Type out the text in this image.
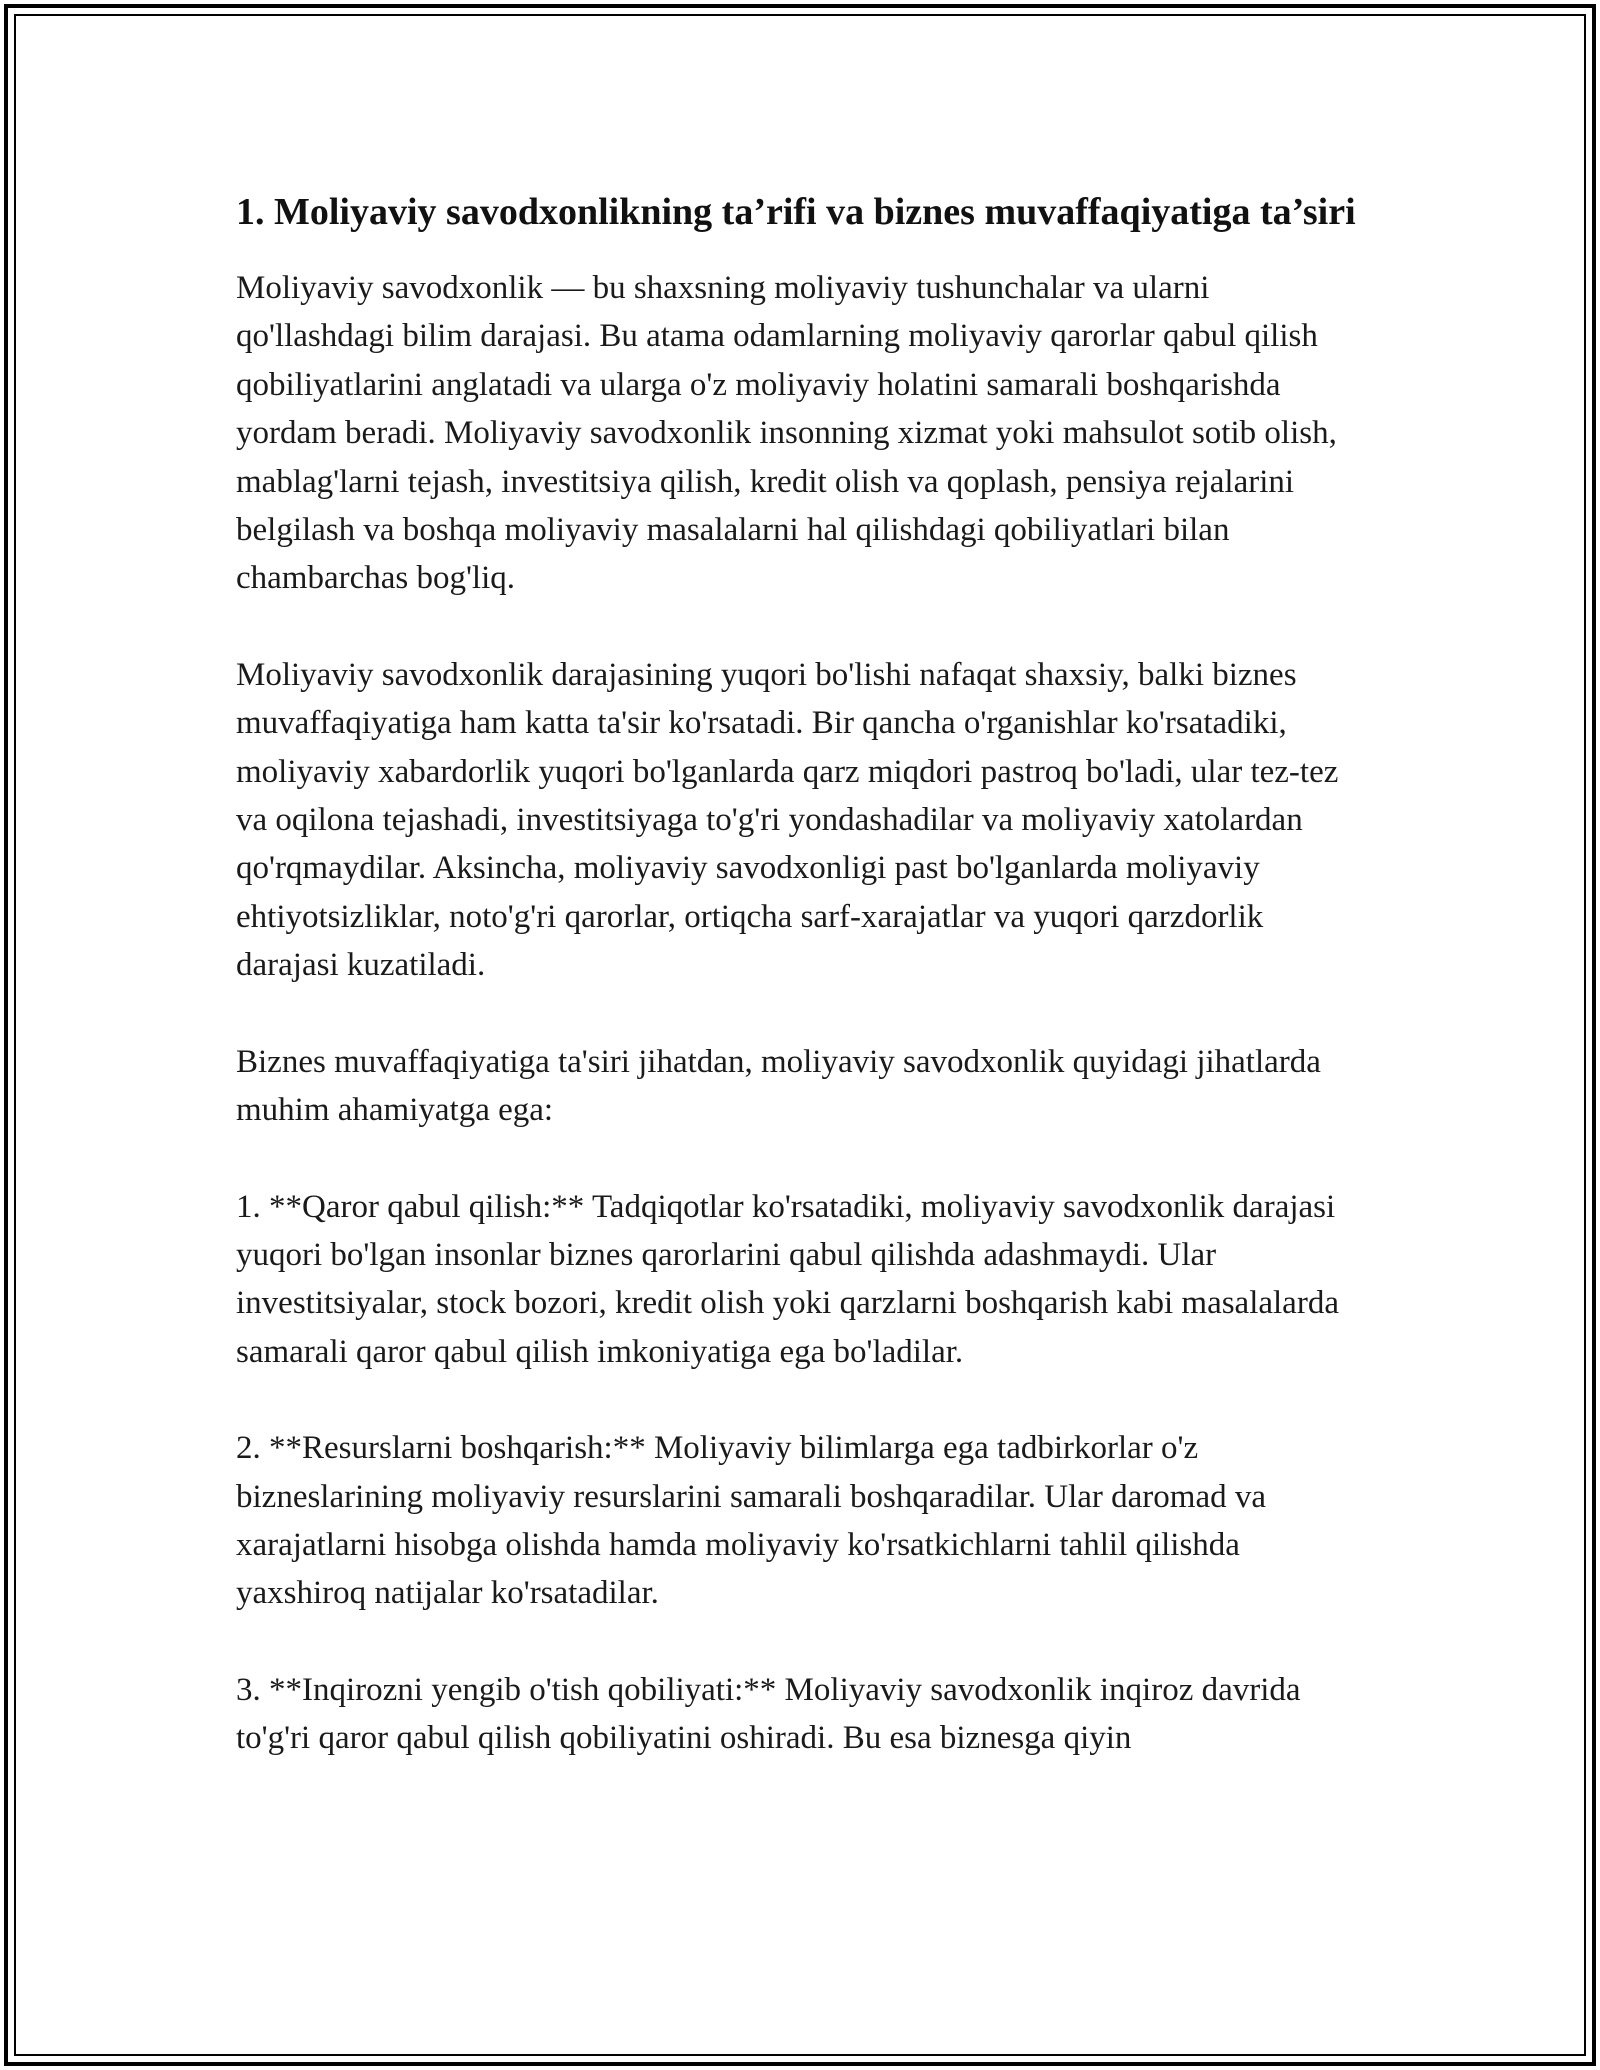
1. Moliyaviy savodxonlikning ta’rifi va biznes muvaffaqiyatiga ta’siri

Moliyaviy savodxonlik — bu shaxsning moliyaviy tushunchalar va ularni qo'llashdagi bilim darajasi. Bu atama odamlarning moliyaviy qarorlar qabul qilish qobiliyatlarini anglatadi va ularga o'z moliyaviy holatini samarali boshqarishda yordam beradi. Moliyaviy savodxonlik insonning xizmat yoki mahsulot sotib olish, mablag'larni tejash, investitsiya qilish, kredit olish va qoplash, pensiya rejalarini belgilash va boshqa moliyaviy masalalarni hal qilishdagi qobiliyatlari bilan chambarchas bog'liq.

Moliyaviy savodxonlik darajasining yuqori bo'lishi nafaqat shaxsiy, balki biznes muvaffaqiyatiga ham katta ta'sir ko'rsatadi. Bir qancha o'rganishlar ko'rsatadiki, moliyaviy xabardorlik yuqori bo'lganlarda qarz miqdori pastroq bo'ladi, ular tez-tez va oqilona tejashadi, investitsiyaga to'g'ri yondashadilar va moliyaviy xatolardan qo'rqmaydilar. Aksincha, moliyaviy savodxonligi past bo'lganlarda moliyaviy ehtiyotsizliklar, noto'g'ri qarorlar, ortiqcha sarf-xarajatlar va yuqori qarzdorlik darajasi kuzatiladi.

Biznes muvaffaqiyatiga ta'siri jihatdan, moliyaviy savodxonlik quyidagi jihatlarda muhim ahamiyatga ega:

1. **Qaror qabul qilish:** Tadqiqotlar ko'rsatadiki, moliyaviy savodxonlik darajasi yuqori bo'lgan insonlar biznes qarorlarini qabul qilishda adashmaydi. Ular investitsiyalar, stock bozori, kredit olish yoki qarzlarni boshqarish kabi masalalarda samarali qaror qabul qilish imkoniyatiga ega bo'ladilar.

2. **Resurslarni boshqarish:** Moliyaviy bilimlarga ega tadbirkorlar o'z bizneslarining moliyaviy resurslarini samarali boshqaradilar. Ular daromad va xarajatlarni hisobga olishda hamda moliyaviy ko'rsatkichlarni tahlil qilishda yaxshiroq natijalar ko'rsatadilar.

3. **Inqirozni yengib o'tish qobiliyati:** Moliyaviy savodxonlik inqiroz davrida to'g'ri qaror qabul qilish qobiliyatini oshiradi. Bu esa biznesga qiyin
